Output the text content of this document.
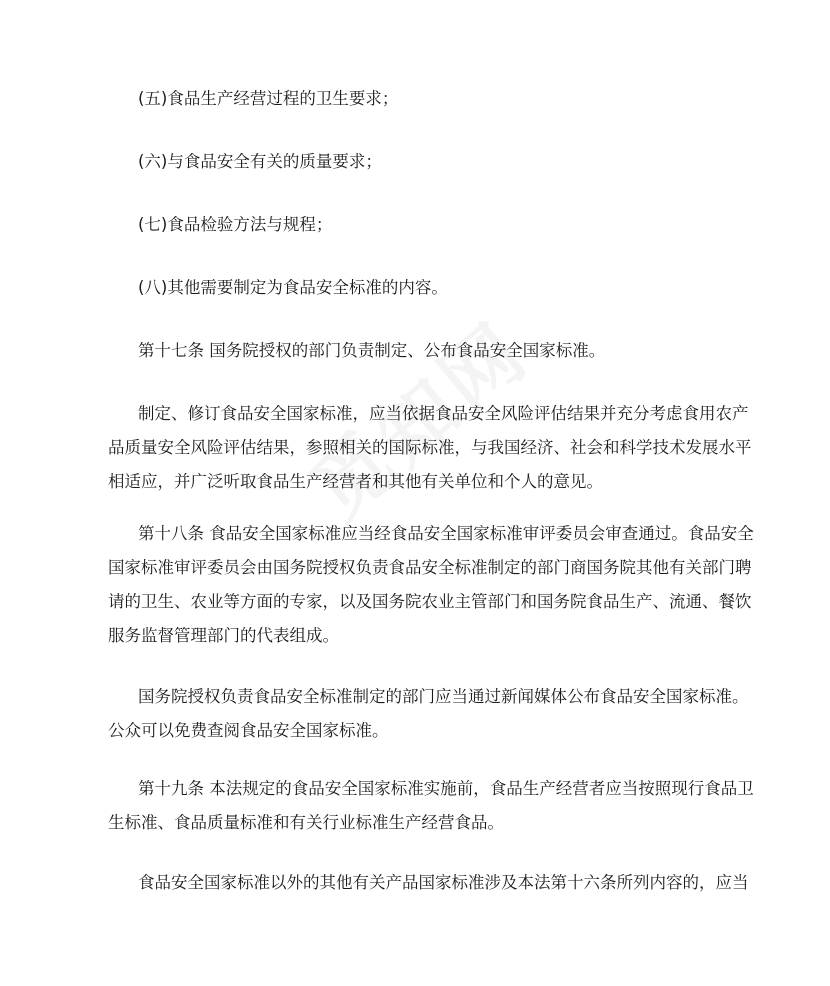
(五)食品生产经营过程的卫生要求；

(六)与食品安全有关的质量要求；

(七)食品检验方法与规程；

(八)其他需要制定为食品安全标准的内容。

第十七条 国务院授权的部门负责制定、公布食品安全国家标准。

制定、修订食品安全国家标准，应当依据食品安全风险评估结果并充分考虑食用农产
品质量安全风险评估结果，参照相关的国际标准，与我国经济、社会和科学技术发展水平
相适应，并广泛听取食品生产经营者和其他有关单位和个人的意见。

第十八条 食品安全国家标准应当经食品安全国家标准审评委员会审查通过。食品安全
国家标准审评委员会由国务院授权负责食品安全标准制定的部门商国务院其他有关部门聘
请的卫生、农业等方面的专家，以及国务院农业主管部门和国务院食品生产、流通、餐饮
服务监督管理部门的代表组成。

国务院授权负责食品安全标准制定的部门应当通过新闻媒体公布食品安全国家标准。
公众可以免费查阅食品安全国家标准。

第十九条 本法规定的食品安全国家标准实施前，食品生产经营者应当按照现行食品卫
生标准、食品质量标准和有关行业标准生产经营食品。

食品安全国家标准以外的其他有关产品国家标准涉及本法第十六条所列内容的，应当
